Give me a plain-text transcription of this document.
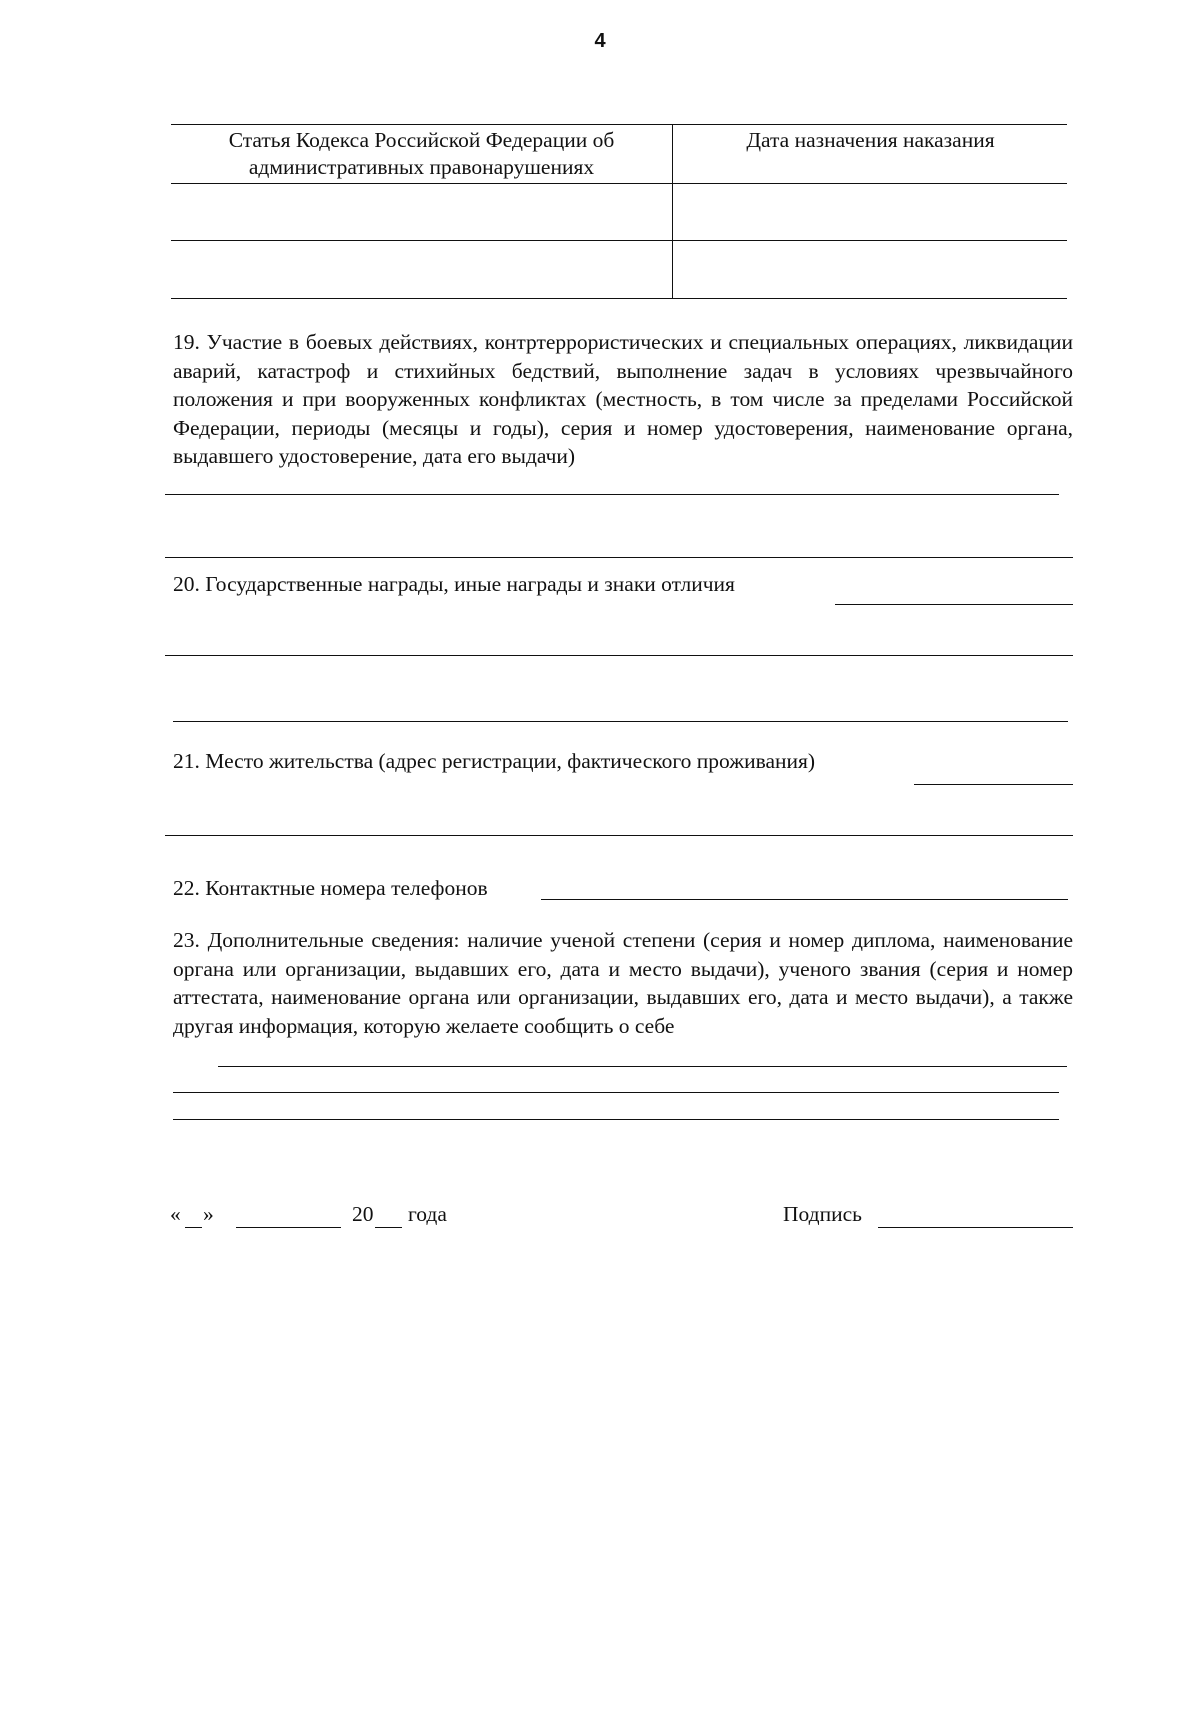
4
Статья Кодекса Российской Федерации об административных правонарушениях
Дата назначения наказания
19. Участие в боевых действиях, контртеррористических и специальных операциях, ликвидации аварий, катастроф и стихийных бедствий, выполнение задач в условиях чрезвычайного положения и при вооруженных конфликтах (местность, в том числе за пределами Российской Федерации, периоды (месяцы и годы), серия и номер удостоверения, наименование органа, выдавшего удостоверение, дата его выдачи)
20. Государственные награды, иные награды и знаки отличия
21. Место жительства (адрес регистрации, фактического проживания)
22. Контактные номера телефонов
23. Дополнительные сведения: наличие ученой степени (серия и номер диплома, наименование органа или организации, выдавших его, дата и место выдачи), ученого звания (серия и номер аттестата, наименование органа или организации, выдавших его, дата и место выдачи), а также другая информация, которую желаете сообщить о себе
« »	20 года	Подпись
